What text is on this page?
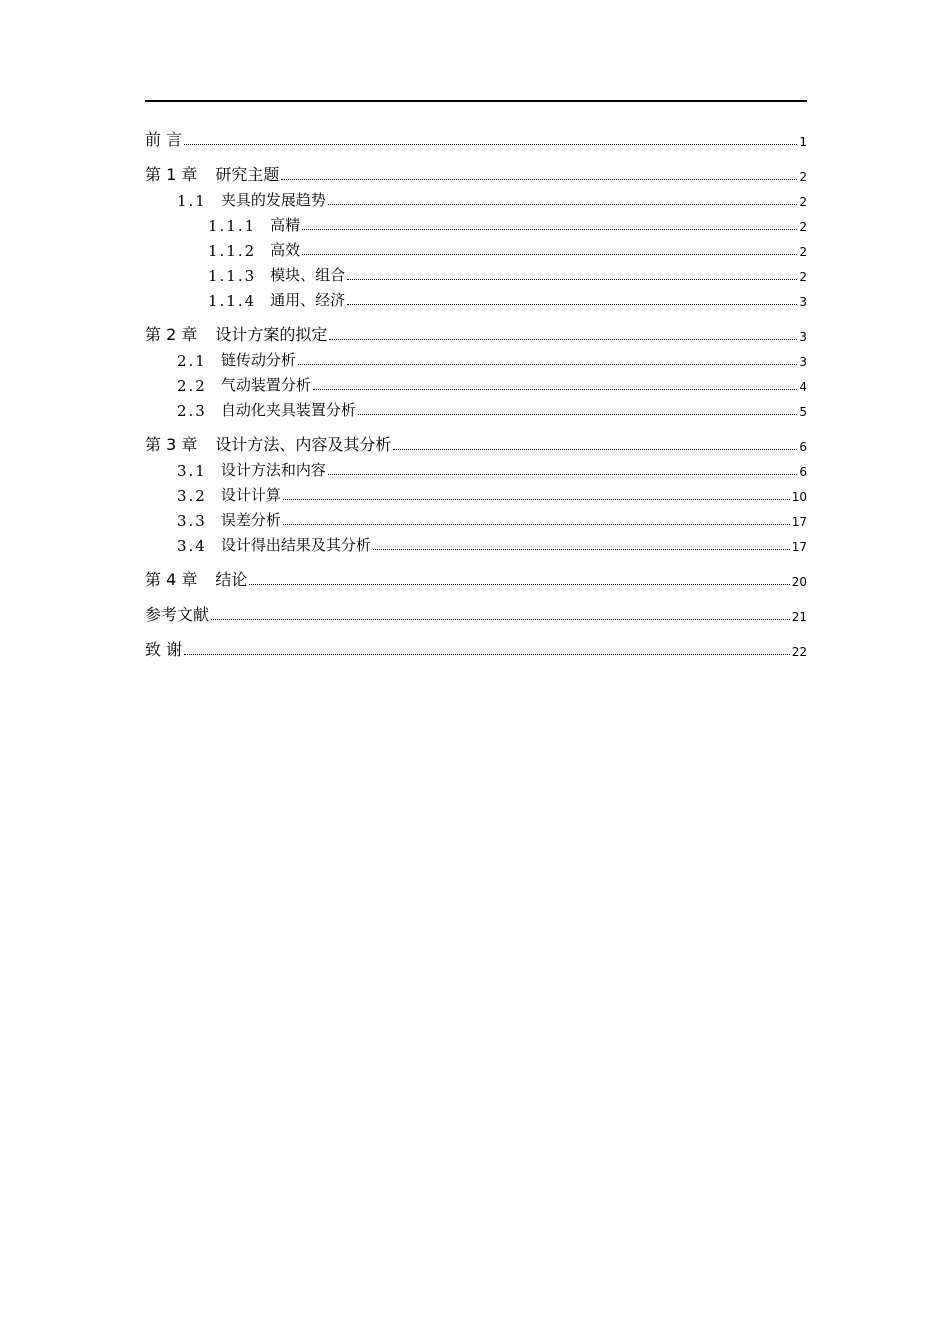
前 言	1
第 1 章 研究主题	2
1.1 夹具的发展趋势	2
1.1.1 高精	2
1.1.2 高效	2
1.1.3 模块、组合	2
1.1.4 通用、经济	3
第 2 章 设计方案的拟定	3
2.1 链传动分析	3
2.2 气动装置分析	4
2.3 自动化夹具装置分析	5
第 3 章 设计方法、内容及其分析	6
3.1 设计方法和内容	6
3.2 设计计算	10
3.3 误差分析	17
3.4 设计得出结果及其分析	17
第 4 章 结论	20
参考文献	21
致 谢	22
